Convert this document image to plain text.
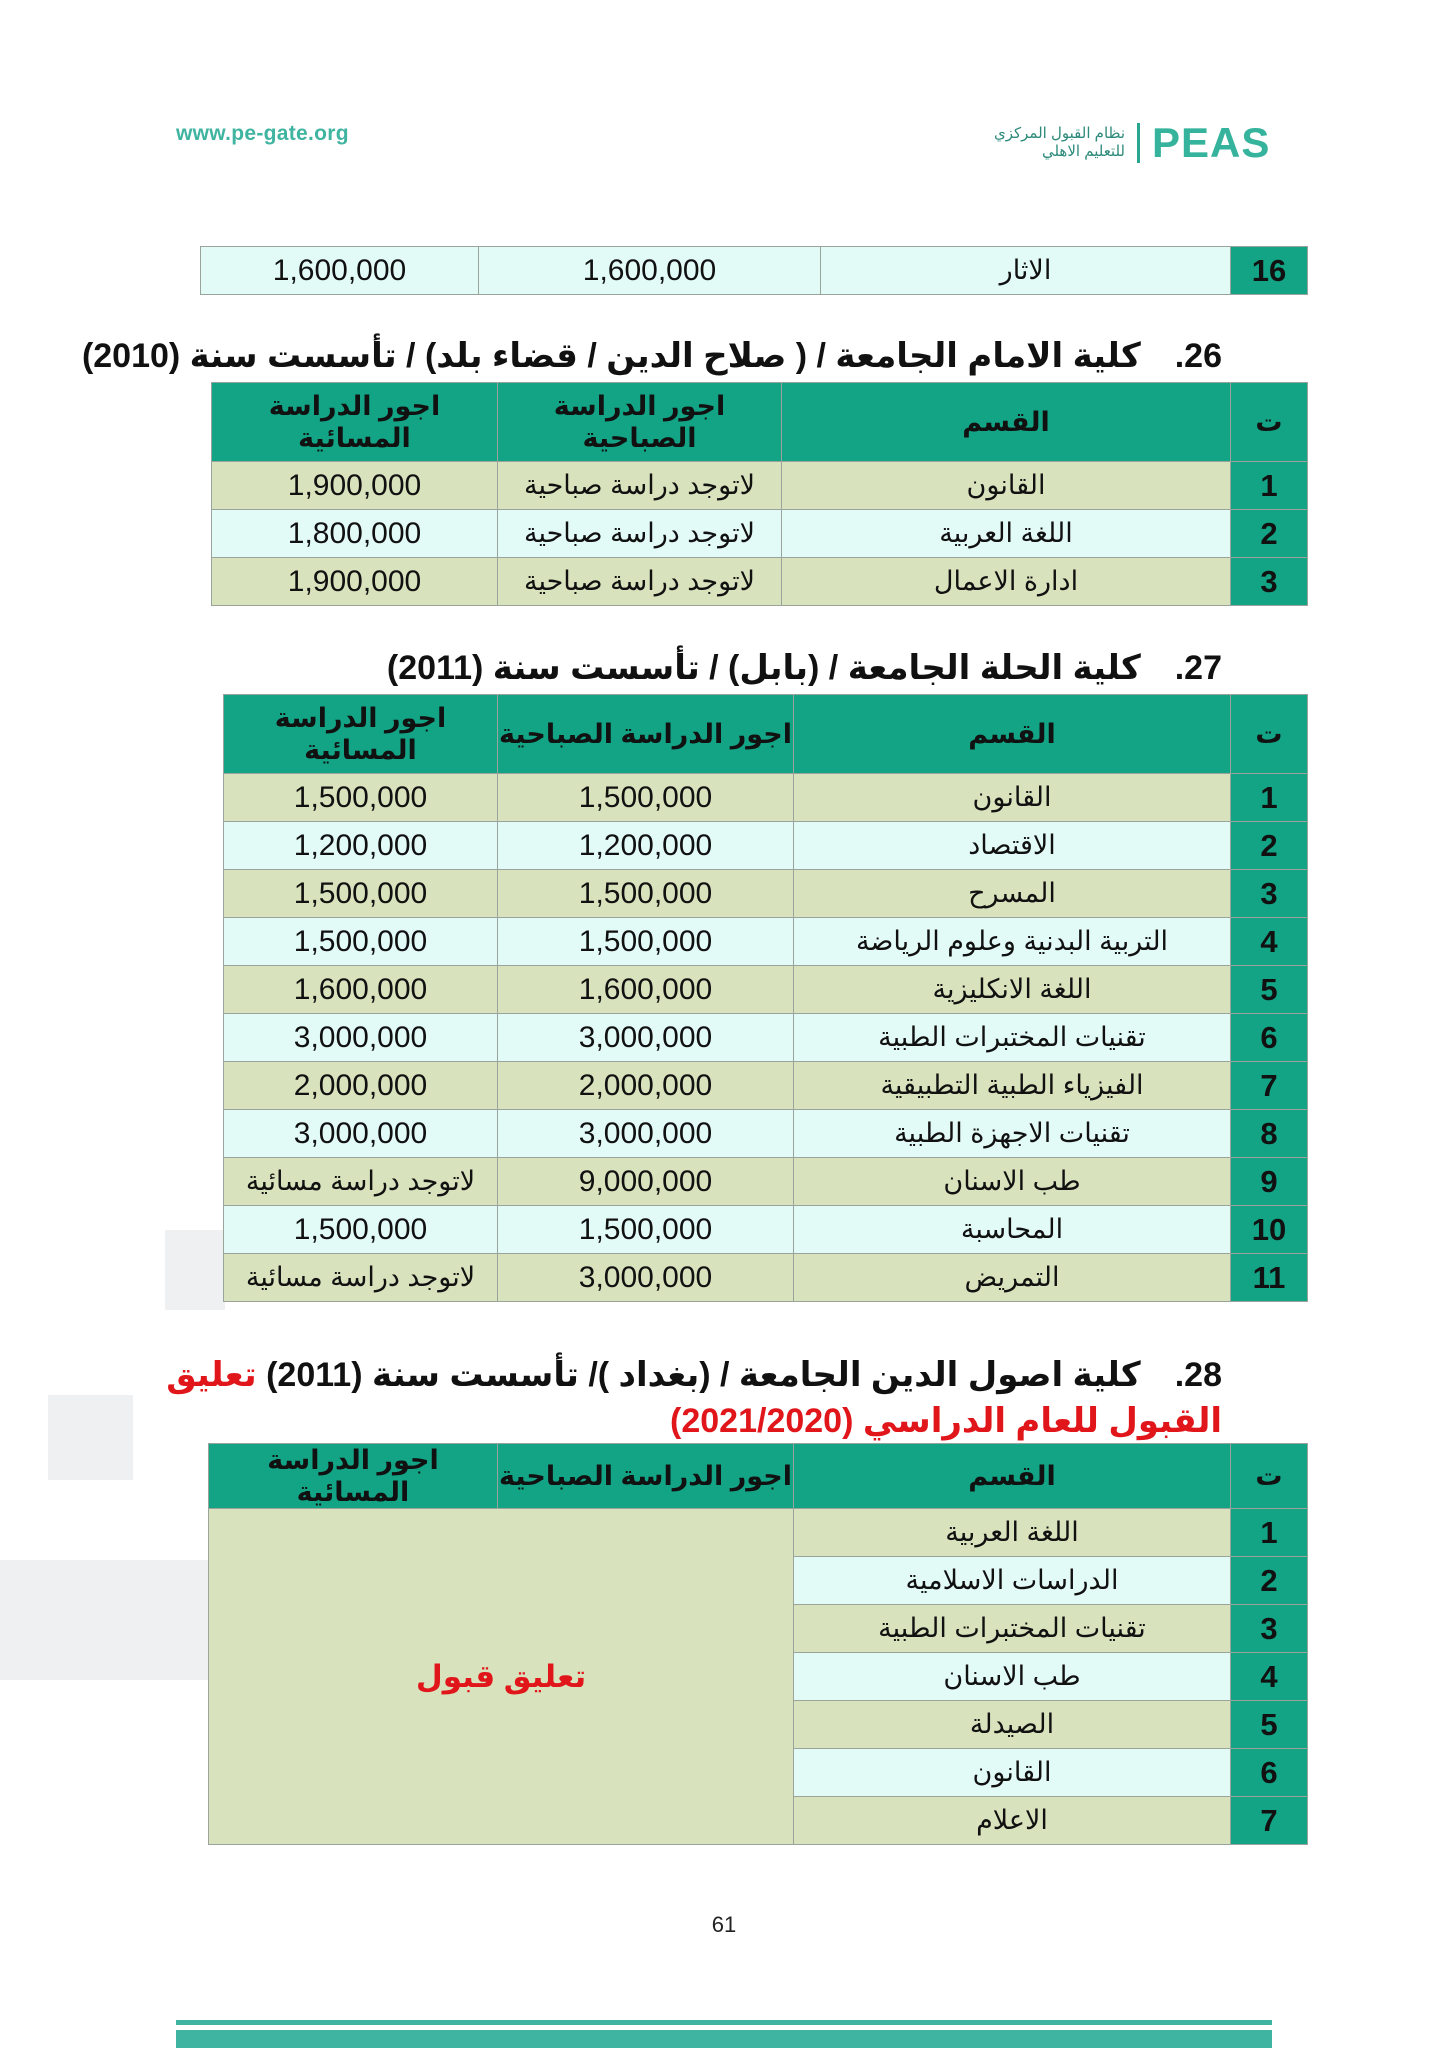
www.pe-gate.org	نظام القبول المركزي
للتعليم الاهلي PEAS
16	الاثار	1,600,000	1,600,000
26.كلية الامام الجامعة / ( صلاح الدين / قضاء بلد) / تأسست سنة (2010)
ت	القسم	اجور الدراسة الصباحية	اجور الدراسة المسائية
1	القانون	لاتوجد دراسة صباحية	1,900,000
2	اللغة العربية	لاتوجد دراسة صباحية	1,800,000
3	ادارة الاعمال	لاتوجد دراسة صباحية	1,900,000
27.كلية الحلة الجامعة / (بابل) / تأسست سنة (2011)
ت	القسم	اجور الدراسة الصباحية	اجور الدراسة المسائية
1	القانون	1,500,000	1,500,000
2	الاقتصاد	1,200,000	1,200,000
3	المسرح	1,500,000	1,500,000
4	التربية البدنية وعلوم الرياضة	1,500,000	1,500,000
5	اللغة الانكليزية	1,600,000	1,600,000
6	تقنيات المختبرات الطبية	3,000,000	3,000,000
7	الفيزياء الطبية التطبيقية	2,000,000	2,000,000
8	تقنيات الاجهزة الطبية	3,000,000	3,000,000
9	طب الاسنان	9,000,000	لاتوجد دراسة مسائية
10	المحاسبة	1,500,000	1,500,000
11	التمريض	3,000,000	لاتوجد دراسة مسائية
28.كلية اصول الدين الجامعة / (بغداد )/ تأسست سنة (2011) تعليق القبول للعام الدراسي (2021/2020)
ت	القسم	اجور الدراسة الصباحية	اجور الدراسة المسائية
1	اللغة العربية	تعليق قبول	
2	الدراسات الاسلامية		
3	تقنيات المختبرات الطبية		
4	طب الاسنان		
5	الصيدلة		
6	القانون		
7	الاعلام		
61
